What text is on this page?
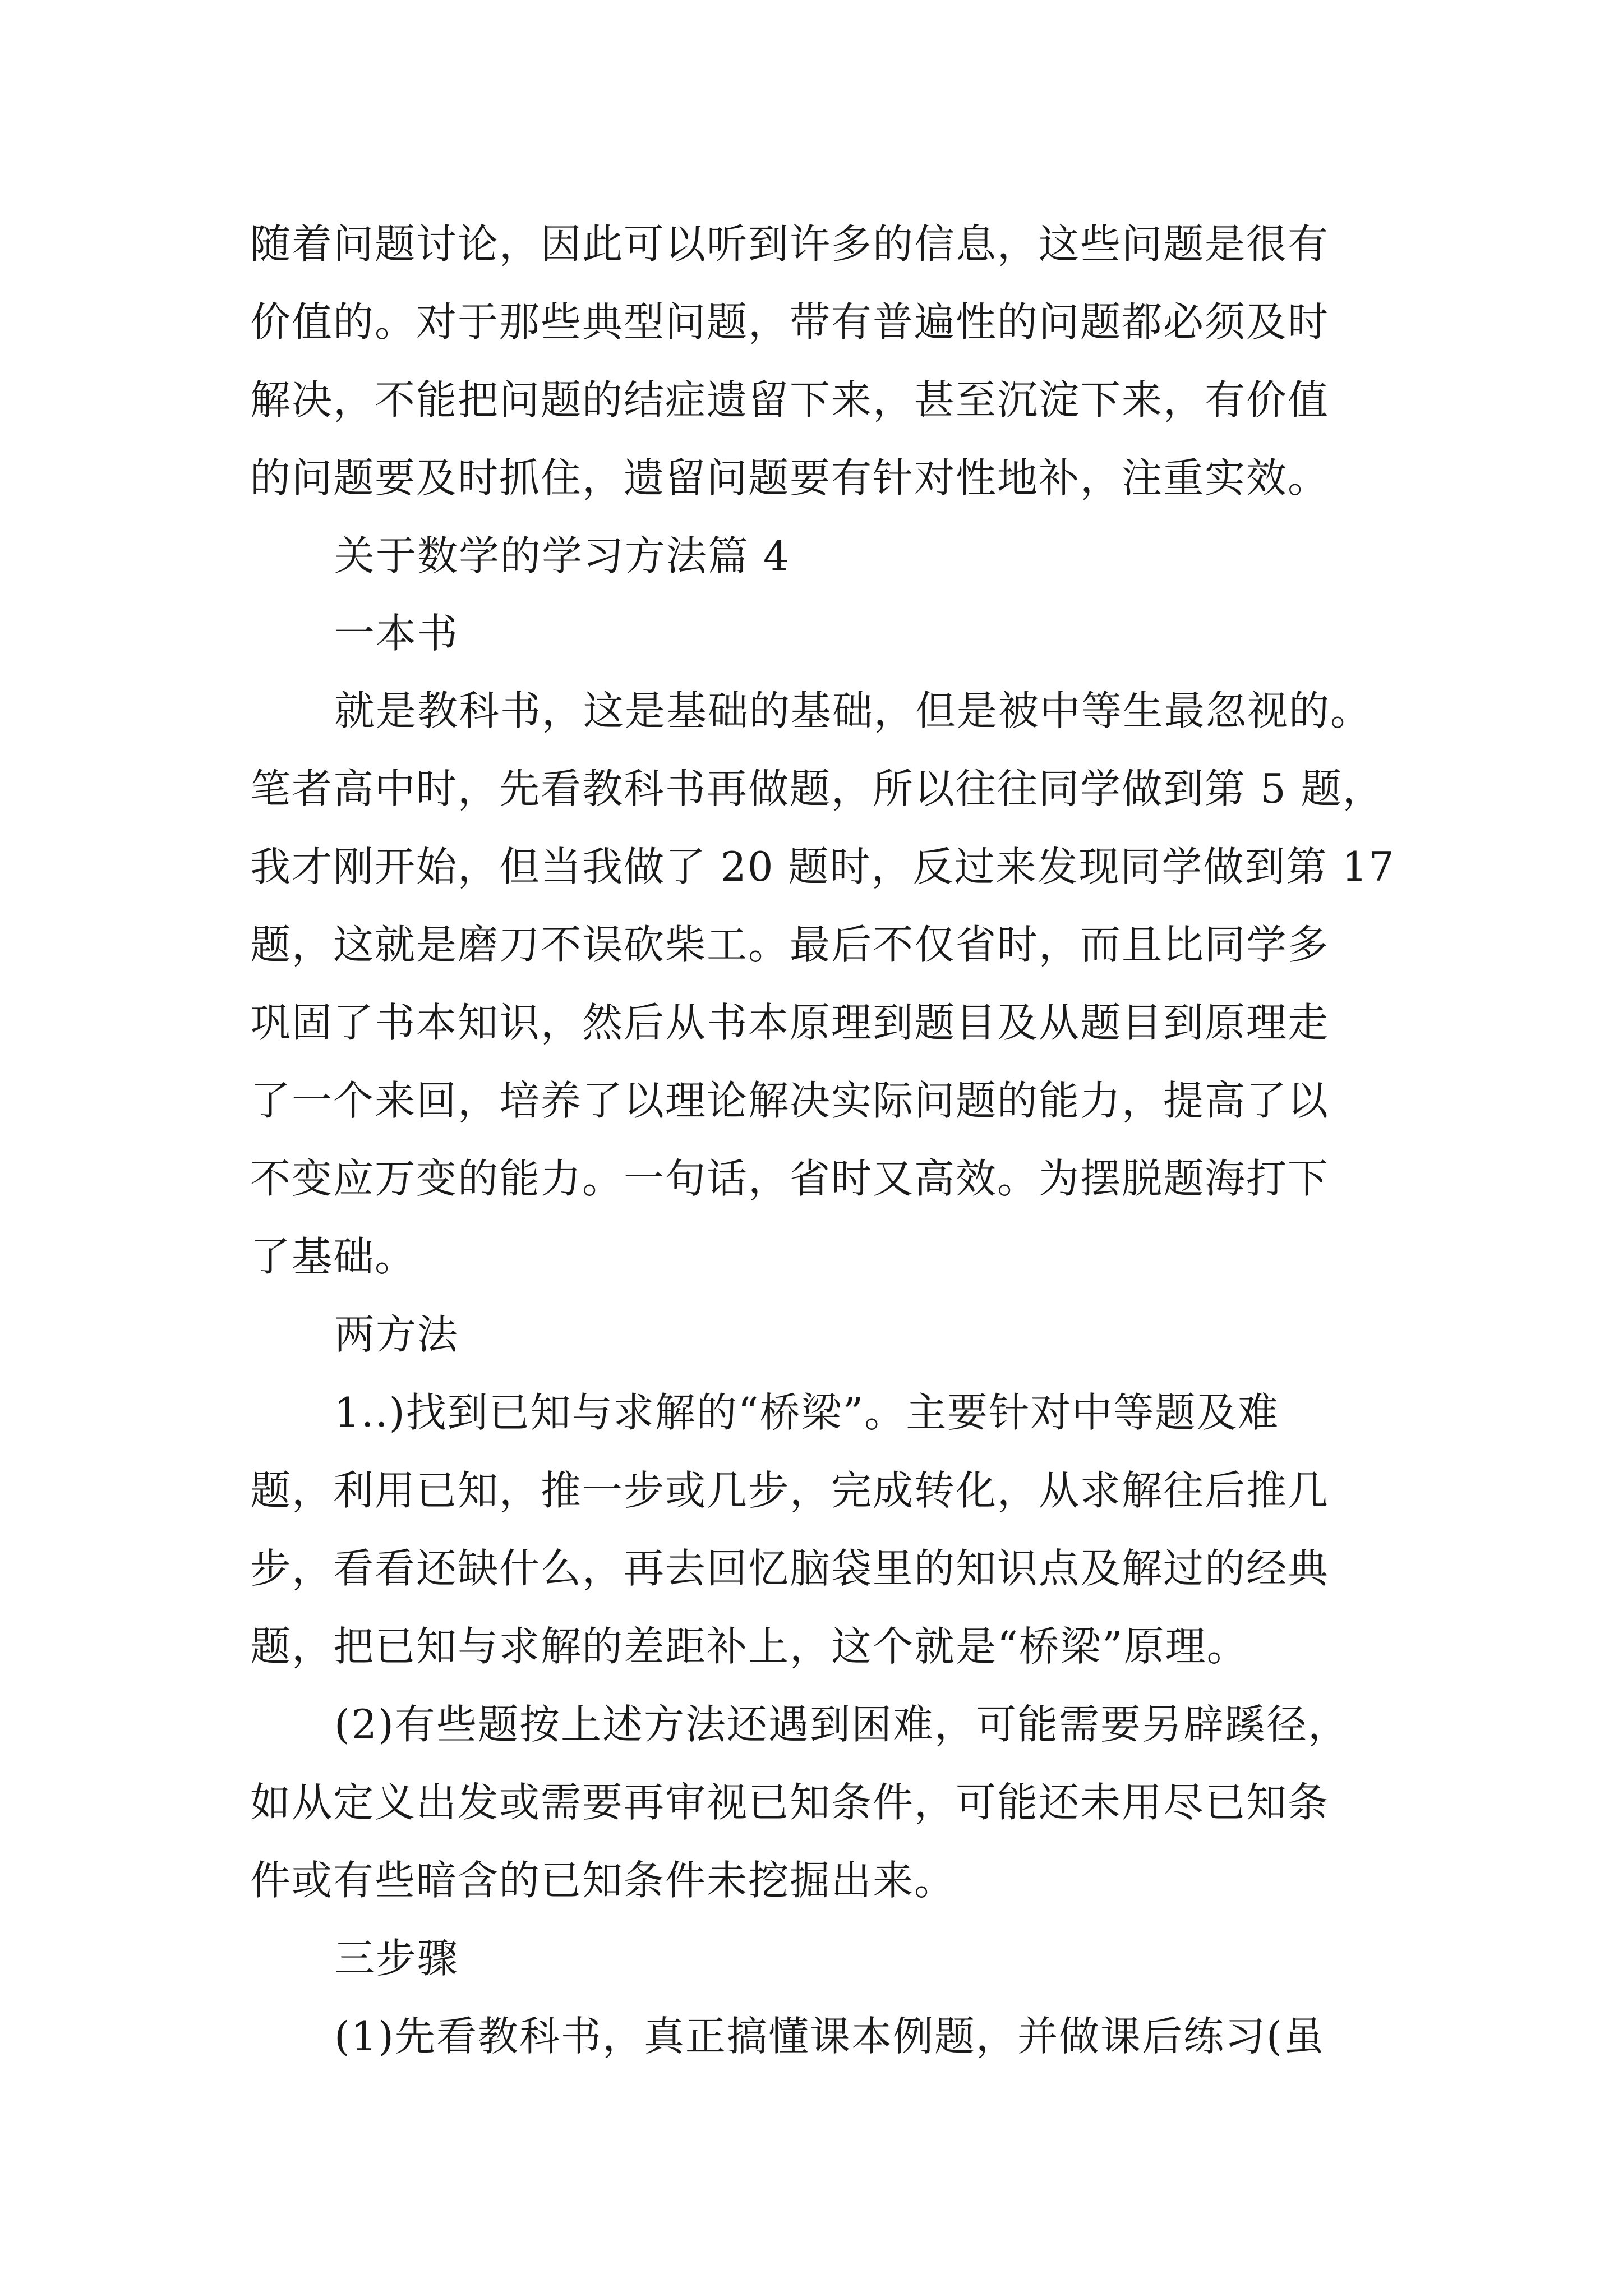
随着问题讨论，因此可以听到许多的信息，这些问题是很有
价值的。对于那些典型问题，带有普遍性的问题都必须及时
解决，不能把问题的结症遗留下来，甚至沉淀下来，有价值
的问题要及时抓住，遗留问题要有针对性地补，注重实效。
关于数学的学习方法篇 4
一本书
就是教科书，这是基础的基础，但是被中等生最忽视的。
笔者高中时，先看教科书再做题，所以往往同学做到第 5 题，
我才刚开始，但当我做了 20 题时，反过来发现同学做到第 17
题，这就是磨刀不误砍柴工。最后不仅省时，而且比同学多
巩固了书本知识，然后从书本原理到题目及从题目到原理走
了一个来回，培养了以理论解决实际问题的能力，提高了以
不变应万变的能力。一句话，省时又高效。为摆脱题海打下
了基础。
两方法
1..)找到已知与求解的“桥梁”。主要针对中等题及难
题，利用已知，推一步或几步，完成转化，从求解往后推几
步，看看还缺什么，再去回忆脑袋里的知识点及解过的经典
题，把已知与求解的差距补上，这个就是“桥梁”原理。
(2)有些题按上述方法还遇到困难，可能需要另辟蹊径，
如从定义出发或需要再审视已知条件，可能还未用尽已知条
件或有些暗含的已知条件未挖掘出来。
三步骤
(1)先看教科书，真正搞懂课本例题，并做课后练习(虽
